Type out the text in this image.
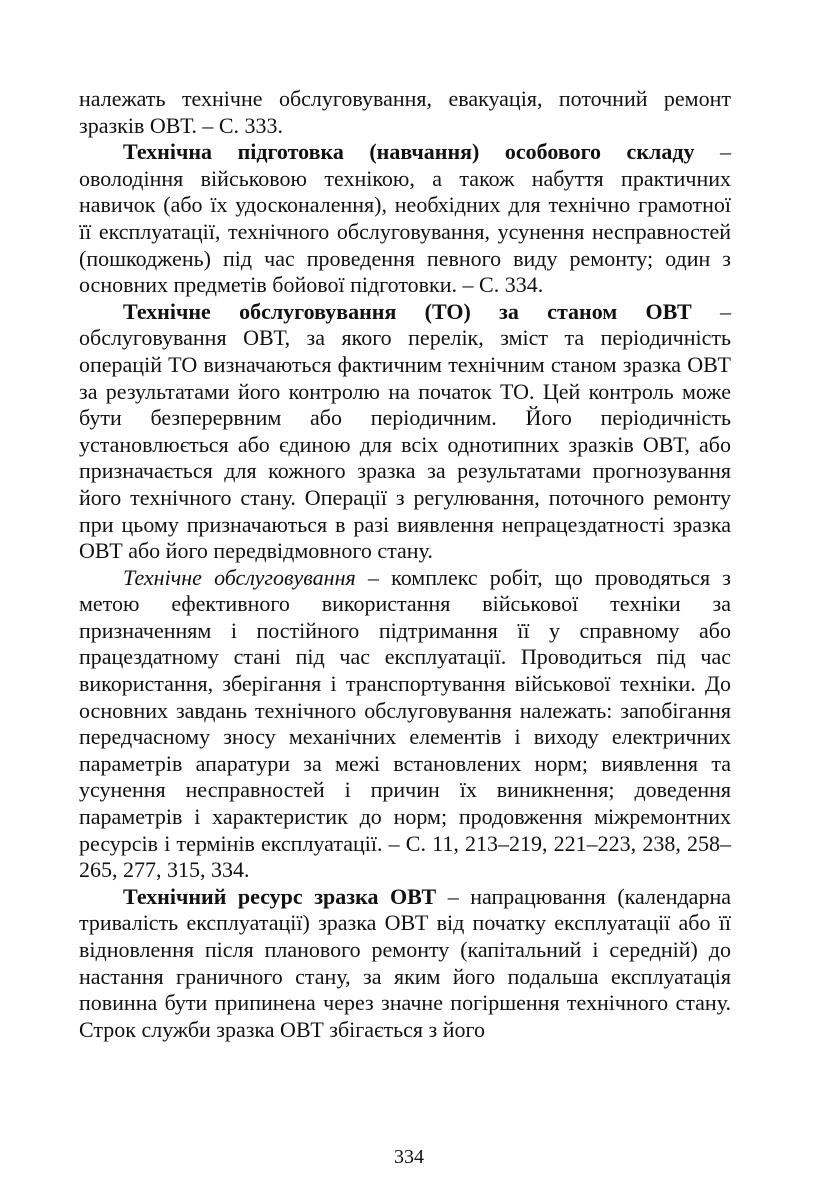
належать технічне обслуговування, евакуація, поточний ремонт зразків ОВТ. – С. 333.

Технічна підготовка (навчання) особового складу – оволодіння військовою технікою, а також набуття практичних навичок (або їх удосконалення), необхідних для технічно грамотної її експлуатації, технічного обслуговування, усунення несправностей (пошкоджень) під час проведення певного виду ремонту; один з основних предметів бойової підготовки. – С. 334.

Технічне обслуговування (ТО) за станом ОВТ – обслуговування ОВТ, за якого перелік, зміст та періодичність операцій ТО визначаються фактичним технічним станом зразка ОВТ за результатами його контролю на початок ТО. Цей контроль може бути безперервним або періодичним. Його періодичність установлюється або єдиною для всіх однотипних зразків ОВТ, або призначається для кожного зразка за результатами прогнозування його технічного стану. Операції з регулювання, поточного ремонту при цьому призначаються в разі виявлення непрацездатності зразка ОВТ або його передвідмовного стану.

Технічне обслуговування – комплекс робіт, що проводяться з метою ефективного використання військової техніки за призначенням і постійного підтримання її у справному або працездатному стані під час експлуатації. Проводиться під час використання, зберігання і транспортування військової техніки. До основних завдань технічного обслуговування належать: запобігання передчасному зносу механічних елементів і виходу електричних параметрів апаратури за межі встановлених норм; виявлення та усунення несправностей і причин їх виникнення; доведення параметрів і характеристик до норм; продовження міжремонтних ресурсів і термінів експлуатації. – С. 11, 213–219, 221–223, 238, 258–265, 277, 315, 334.

Технічний ресурс зразка ОВТ – напрацювання (календарна тривалість експлуатації) зразка ОВТ від початку експлуатації або її відновлення після планового ремонту (капітальний і середній) до настання граничного стану, за яким його подальша експлуатація повинна бути припинена через значне погіршення технічного стану. Строк служби зразка ОВТ збігається з його

334
